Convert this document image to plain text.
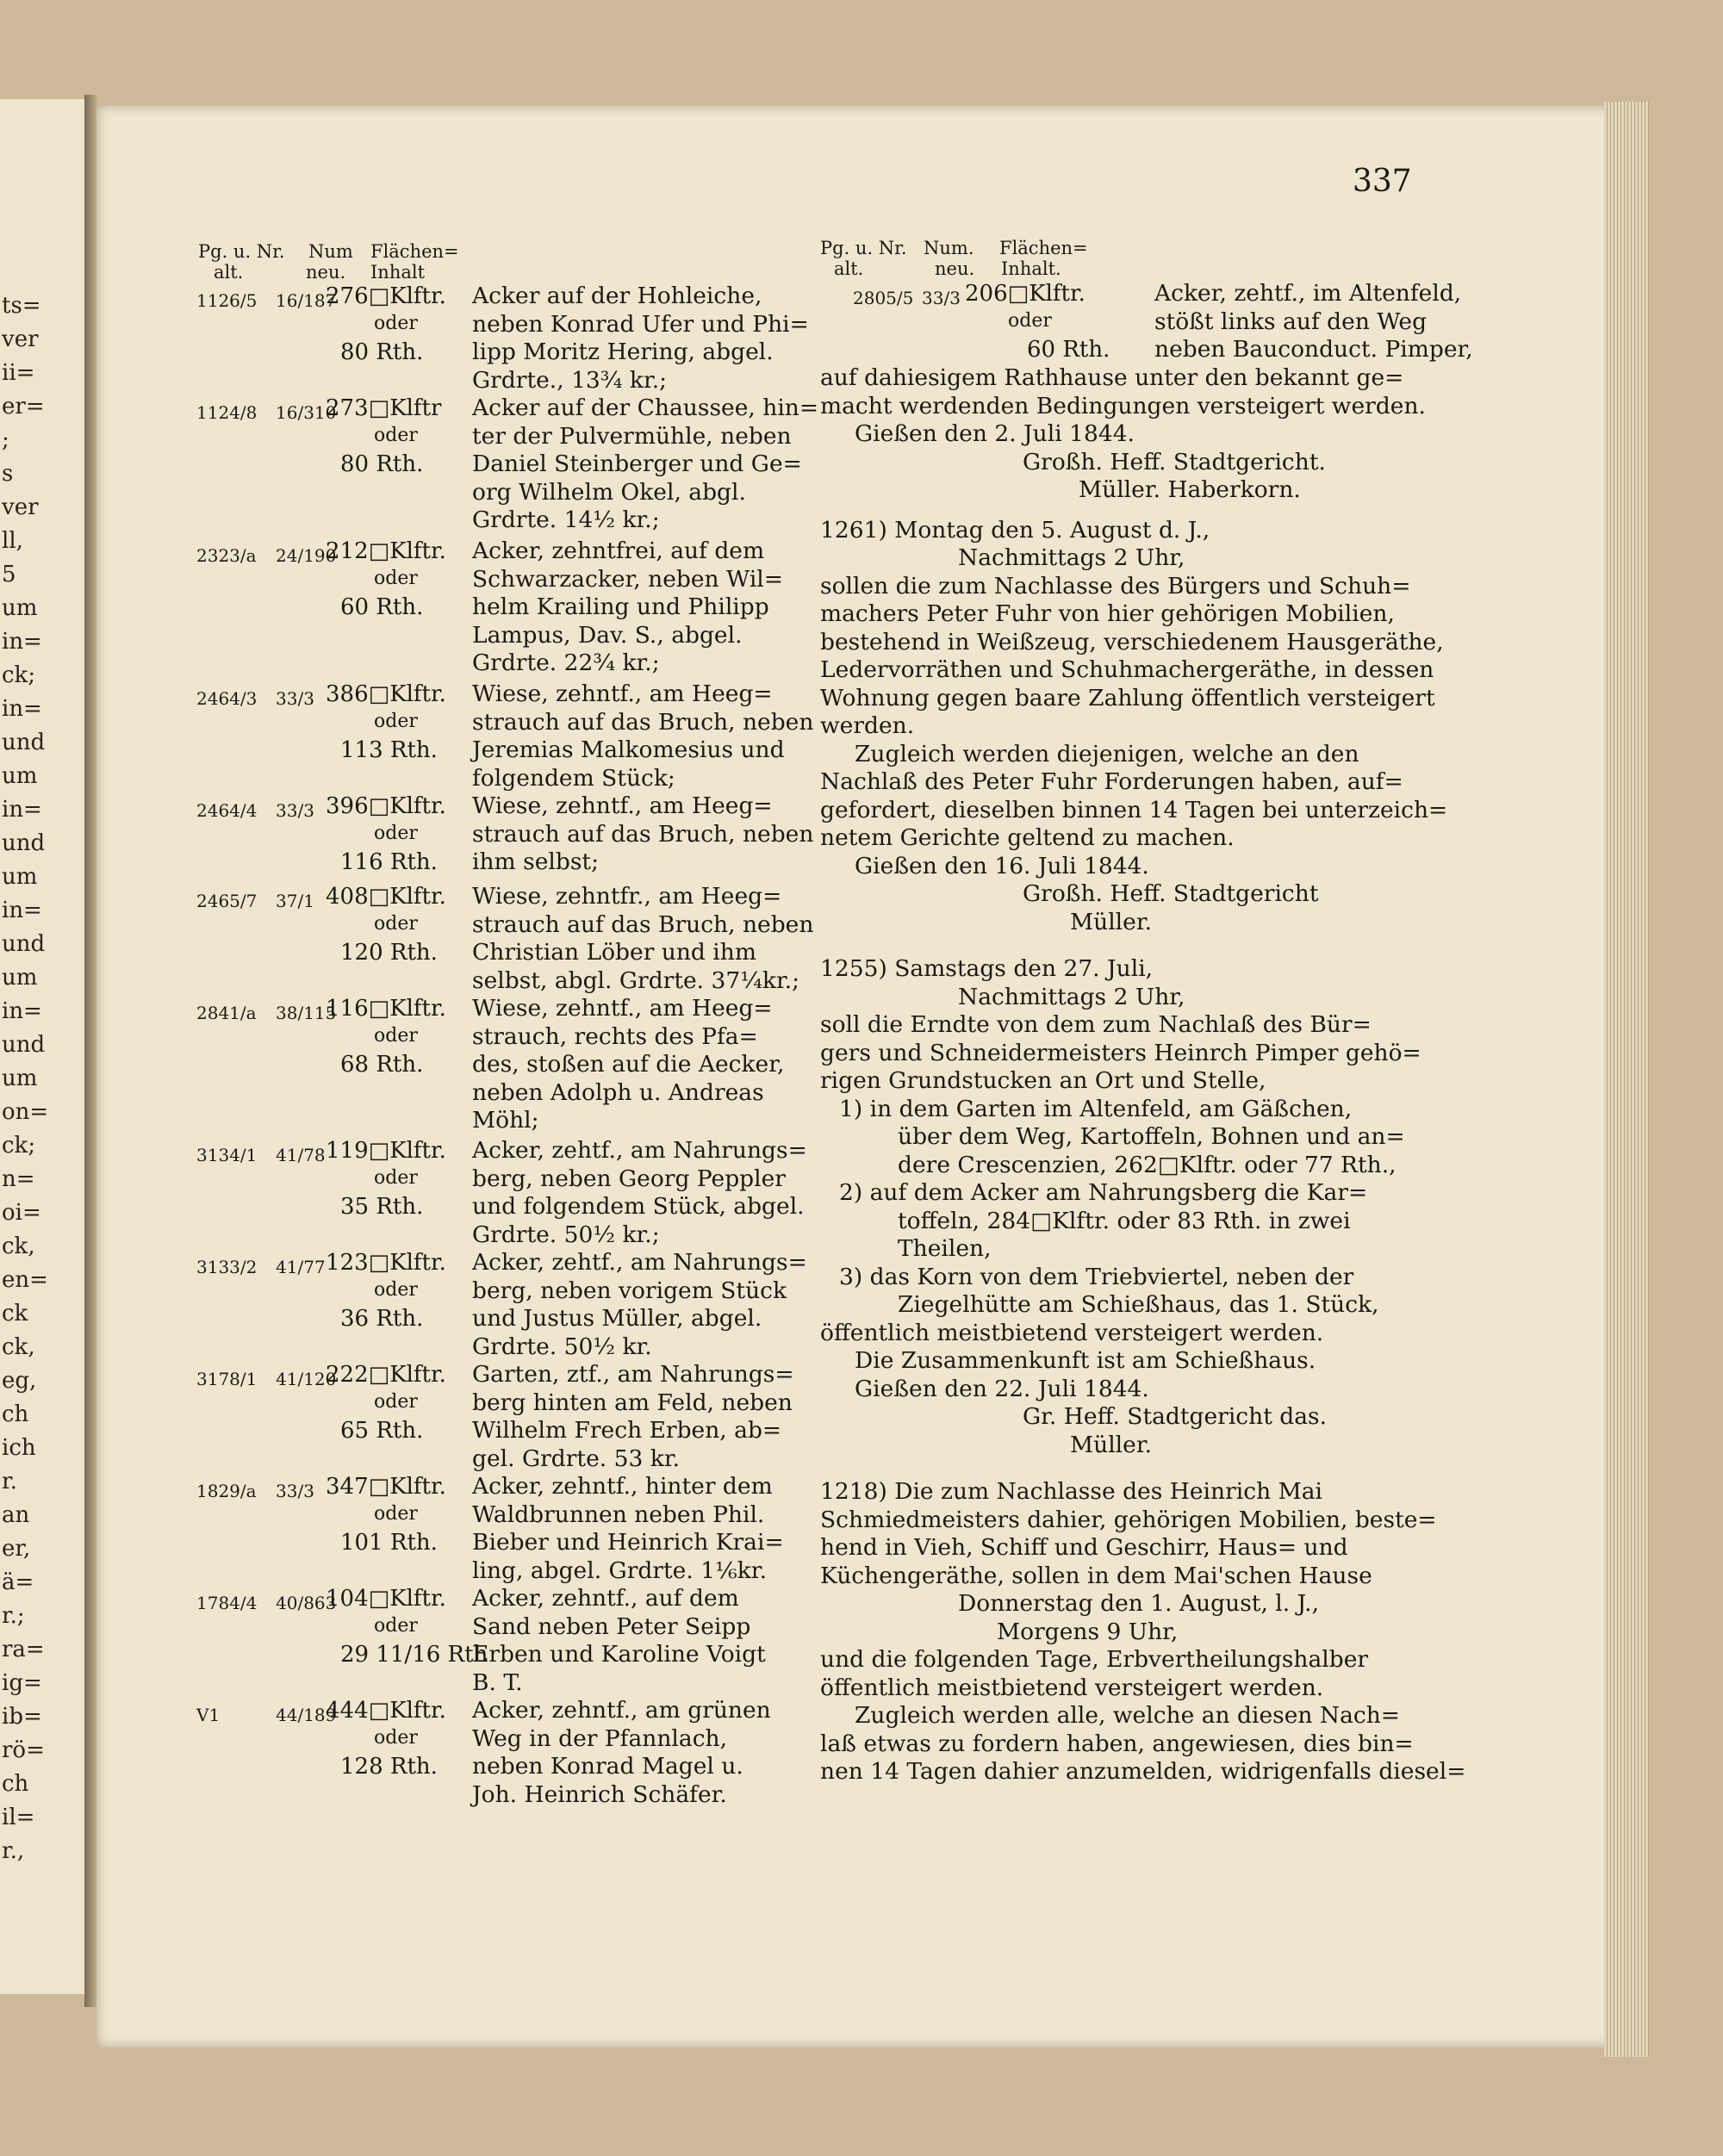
ts=
ver
ii=
er=
;
s
ver
ll,
5
um
in=
ck;
in=
und
um
in=
und
um
in=
und
um
in=
und
um
on=
ck;
n=
oi=
ck,
en=
ck
ck,
eg,
ch
ich
r.
an
er,
ä=
r.;
ra=
ig=
ib=
rö=
ch
il=
r.,
337
Pg. u. Nr.
alt.
Num
neu.
Flächen=
Inhalt
1126/5 16/187
276□Klftr.
oder
80 Rth.
Acker auf der Hohleiche,
neben Konrad Ufer und Phi=
lipp Moritz Hering, abgel.
Grdrte., 13¾ kr.;
1124/8 16/310
273□Klftr
oder
80 Rth.
Acker auf der Chaussee, hin=
ter der Pulvermühle, neben
Daniel Steinberger und Ge=
org Wilhelm Okel, abgl.
Grdrte. 14½ kr.;
2323/a 24/190
212□Klftr.
oder
60 Rth.
Acker, zehntfrei, auf dem
Schwarzacker, neben Wil=
helm Krailing und Philipp
Lampus, Dav. S., abgel.
Grdrte. 22¾ kr.;
2464/3 33/3 386□Klftr.
oder
113 Rth.
Wiese, zehntf., am Heeg=
strauch auf das Bruch, neben
Jeremias Malkomesius und
folgendem Stück;
2464/4 33/3 396□Klftr.
oder
116 Rth.
Wiese, zehntf., am Heeg=
strauch auf das Bruch, neben
ihm selbst;
2465/7 37/1 408□Klftr.
oder
120 Rth.
Wiese, zehntfr., am Heeg=
strauch auf das Bruch, neben
Christian Löber und ihm
selbst, abgl. Grdrte. 37¼kr.;
2841/a 38/115
116□Klftr.
oder
68 Rth.
Wiese, zehntf., am Heeg=
strauch, rechts des Pfa=
des, stoßen auf die Aecker,
neben Adolph u. Andreas
Möhl;
3134/1 41/78 119□Klftr.
oder
35 Rth.
Acker, zehtf., am Nahrungs=
berg, neben Georg Peppler
und folgendem Stück, abgel.
Grdrte. 50½ kr.;
3133/2 41/77 123□Klftr.
oder
36 Rth.
Acker, zehtf., am Nahrungs=
berg, neben vorigem Stück
und Justus Müller, abgel.
Grdrte. 50½ kr.
3178/1 41/120
222□Klftr.
oder
65 Rth.
Garten, ztf., am Nahrungs=
berg hinten am Feld, neben
Wilhelm Frech Erben, ab=
gel. Grdrte. 53 kr.
1829/a 33/3 347□Klftr.
oder
101 Rth.
Acker, zehntf., hinter dem
Waldbrunnen neben Phil.
Bieber und Heinrich Krai=
ling, abgel. Grdrte. 1⅙kr.
1784/4 40/863
104□Klftr.
oder
29 11/16 Rth
Acker, zehntf., auf dem
Sand neben Peter Seipp
Erben und Karoline Voigt
B. T.
V1	44/189
444□Klftr.
oder
128 Rth.
Acker, zehntf., am grünen
Weg in der Pfannlach,
neben Konrad Magel u.
Joh. Heinrich Schäfer.
Pg. u. Nr.
alt.
Num.
neu.
Flächen=
Inhalt.
2805/5 33/3 206□Klftr.
oder
60 Rth.
Acker, zehtf., im Altenfeld,
stößt links auf den Weg
neben Bauconduct. Pimper,
auf dahiesigem Rathhause unter den bekannt ge=
macht werdenden Bedingungen versteigert werden.
Gießen den 2. Juli 1844.
Großh. Heff. Stadtgericht.
Müller. Haberkorn.
1261) Montag den 5. August d. J.,
Nachmittags 2 Uhr,
sollen die zum Nachlasse des Bürgers und Schuh=
machers Peter Fuhr von hier gehörigen Mobilien,
bestehend in Weißzeug, verschiedenem Hausgeräthe,
Ledervorräthen und Schuhmachergeräthe, in dessen
Wohnung gegen baare Zahlung öffentlich versteigert
werden.
Zugleich werden diejenigen, welche an den
Nachlaß des Peter Fuhr Forderungen haben, auf=
gefordert, dieselben binnen 14 Tagen bei unterzeich=
netem Gerichte geltend zu machen.
Gießen den 16. Juli 1844.
Großh. Heff. Stadtgericht
Müller.
1255) Samstags den 27. Juli,
Nachmittags 2 Uhr,
soll die Erndte von dem zum Nachlaß des Bür=
gers und Schneidermeisters Heinrch Pimper gehö=
rigen Grundstucken an Ort und Stelle,
1) in dem Garten im Altenfeld, am Gäßchen,
über dem Weg, Kartoffeln, Bohnen und an=
dere Crescenzien, 262□Klftr. oder 77 Rth.,
2) auf dem Acker am Nahrungsberg die Kar=
toffeln, 284□Klftr. oder 83 Rth. in zwei
Theilen,
3) das Korn von dem Triebviertel, neben der
Ziegelhütte am Schießhaus, das 1. Stück,
öffentlich meistbietend versteigert werden.
Die Zusammenkunft ist am Schießhaus.
Gießen den 22. Juli 1844.
Gr. Heff. Stadtgericht das.
Müller.
1218) Die zum Nachlasse des Heinrich Mai
Schmiedmeisters dahier, gehörigen Mobilien, beste=
hend in Vieh, Schiff und Geschirr, Haus= und
Küchengeräthe, sollen in dem Mai'schen Hause
Donnerstag den 1. August, l. J.,
Morgens 9 Uhr,
und die folgenden Tage, Erbvertheilungshalber
öffentlich meistbietend versteigert werden.
Zugleich werden alle, welche an diesen Nach=
laß etwas zu fordern haben, angewiesen, dies bin=
nen 14 Tagen dahier anzumelden, widrigenfalls diesel=
